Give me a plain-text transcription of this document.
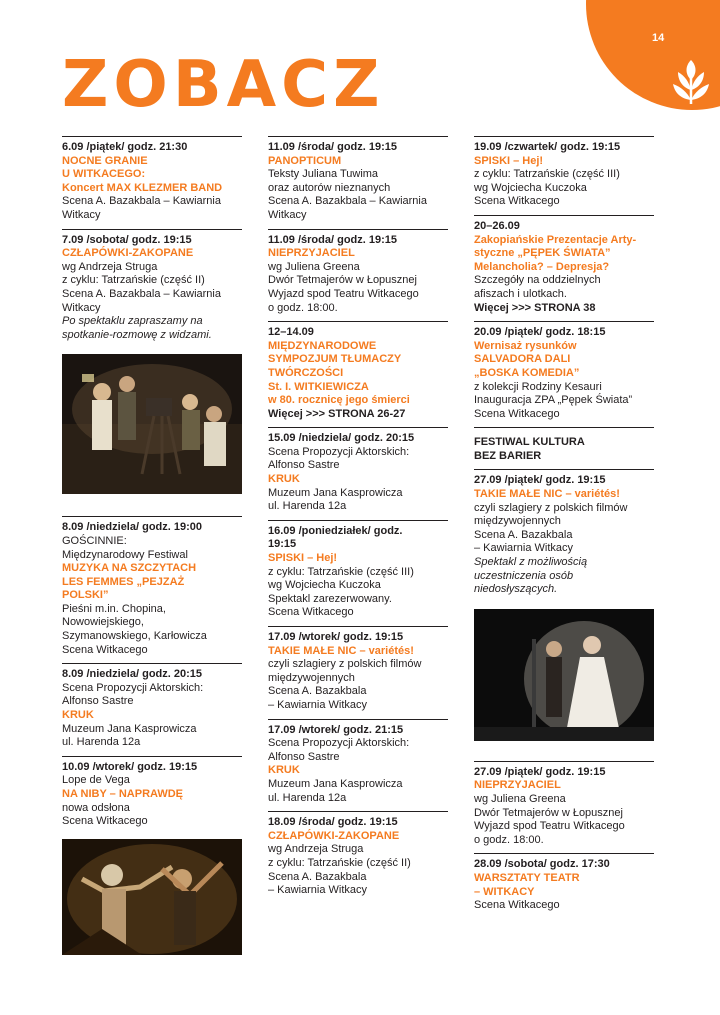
14
ZOBACZ
6.09 /piątek/ godz. 21:30
NOCNE GRANIE
U WITKACEGO:
Koncert MAX KLEZMER BAND
Scena A. Bazakbala – Kawiarnia
Witkacy
7.09 /sobota/ godz. 19:15
CZŁAPÓWKI-ZAKOPANE
wg Andrzeja Struga
z cyklu: Tatrzańskie (część II)
Scena A. Bazakbala – Kawiarnia
Witkacy
Po spektaklu zapraszamy na
spotkanie-rozmowę z widzami.
8.09 /niedziela/ godz. 19:00
GOŚCINNIE:
Międzynarodowy Festiwal
MUZYKA NA SZCZYTACH
LES FEMMES „PEJZAŻ
POLSKI”
Pieśni m.in. Chopina,
Nowowiejskiego,
Szymanowskiego, Karłowicza
Scena Witkacego
8.09 /niedziela/ godz. 20:15
Scena Propozycji Aktorskich:
Alfonso Sastre
KRUK
Muzeum Jana Kasprowicza
ul. Harenda 12a
10.09 /wtorek/ godz. 19:15
Lope de Vega
NA NIBY – NAPRAWDĘ
nowa odsłona
Scena Witkacego
11.09 /środa/ godz. 19:15
PANOPTICUM
Teksty Juliana Tuwima
oraz autorów nieznanych
Scena A. Bazakbala – Kawiarnia
Witkacy
11.09 /środa/ godz. 19:15
NIEPRZYJACIEL
wg Juliena Greena
Dwór Tetmajerów w Łopusznej
Wyjazd spod Teatru Witkacego
o godz. 18:00.
12–14.09
MIĘDZYNARODOWE
SYMPOZJUM TŁUMACZY
TWÓRCZOŚCI
St. I. WITKIEWICZA
w 80. rocznicę jego śmierci
Więcej >>> STRONA 26-27
15.09 /niedziela/ godz. 20:15
Scena Propozycji Aktorskich:
Alfonso Sastre
KRUK
Muzeum Jana Kasprowicza
ul. Harenda 12a
16.09 /poniedziałek/ godz.
19:15
SPISKI – Hej!
z cyklu: Tatrzańskie (część III)
wg Wojciecha Kuczoka
Spektakl zarezerwowany.
Scena Witkacego
17.09 /wtorek/ godz. 19:15
TAKIE MAŁE NIC – variétés!
czyli szlagiery z polskich filmów
międzywojennych
Scena A. Bazakbala
– Kawiarnia Witkacy
17.09 /wtorek/ godz. 21:15
Scena Propozycji Aktorskich:
Alfonso Sastre
KRUK
Muzeum Jana Kasprowicza
ul. Harenda 12a
18.09 /środa/ godz. 19:15
CZŁAPÓWKI-ZAKOPANE
wg Andrzeja Struga
z cyklu: Tatrzańskie (część II)
Scena A. Bazakbala
– Kawiarnia Witkacy
19.09 /czwartek/ godz. 19:15
SPISKI – Hej!
z cyklu: Tatrzańskie (część III)
wg Wojciecha Kuczoka
Scena Witkacego
20–26.09
Zakopiańskie Prezentacje Arty-
styczne „PĘPEK ŚWIATA”
Melancholia? – Depresja?
Szczegóły na oddzielnych
afiszach i ulotkach.
Więcej >>> STRONA 38
20.09 /piątek/ godz. 18:15
Wernisaż rysunków
SALVADORA DALI
„BOSKA KOMEDIA”
z kolekcji Rodziny Kesauri
Inauguracja ZPA „Pępek Świata”
Scena Witkacego
FESTIWAL KULTURA
BEZ BARIER
27.09 /piątek/ godz. 19:15
TAKIE MAŁE NIC – variétés!
czyli szlagiery z polskich filmów
międzywojennych
Scena A. Bazakbala
– Kawiarnia Witkacy
Spektakl z możliwością
uczestniczenia osób
niedosłyszących.
27.09 /piątek/ godz. 19:15
NIEPRZYJACIEL
wg Juliena Greena
Dwór Tetmajerów w Łopusznej
Wyjazd spod Teatru Witkacego
o godz. 18:00.
28.09 /sobota/ godz. 17:30
WARSZTATY TEATR
– WITKACY
Scena Witkacego
